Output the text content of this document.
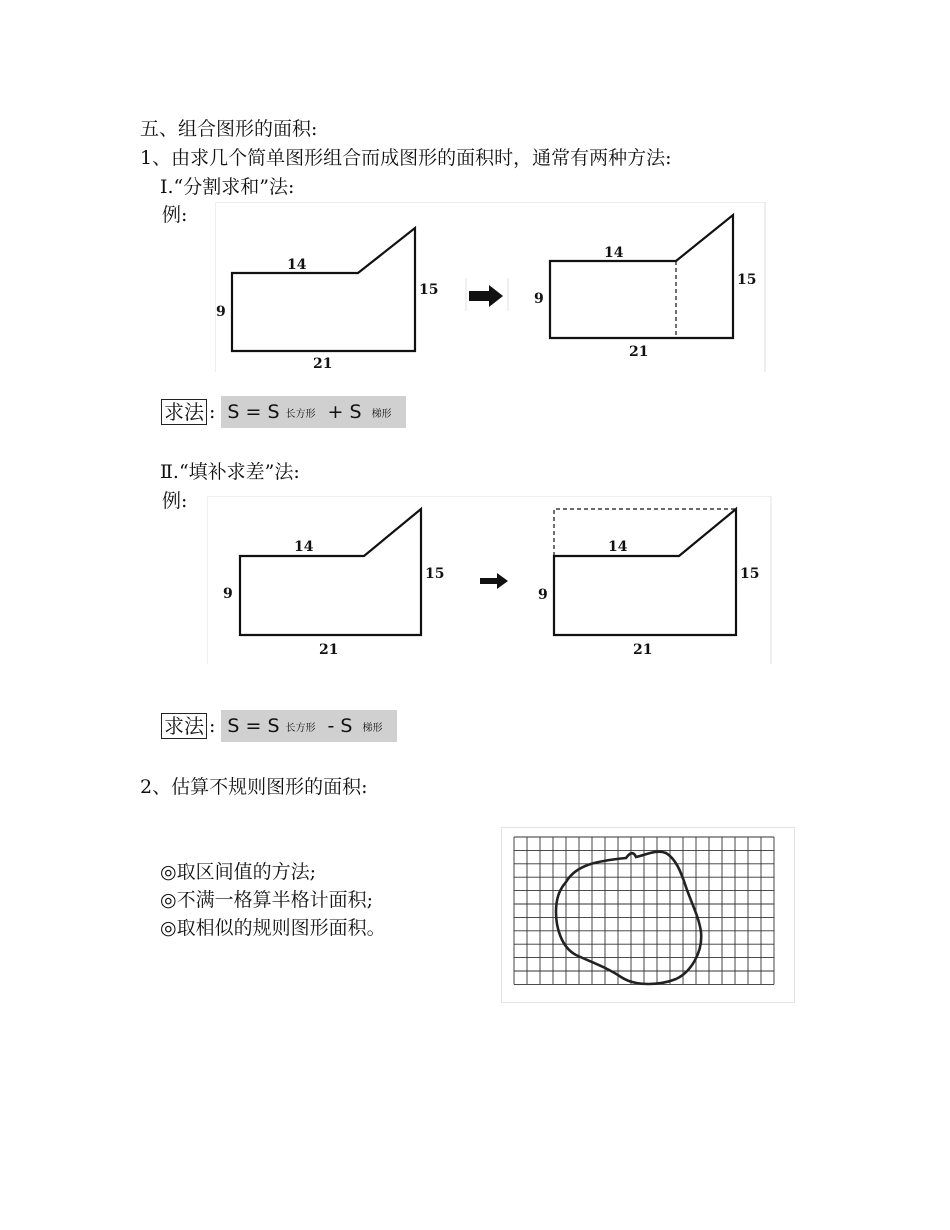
五、组合图形的面积:
1、由求几个简单图形组合而成图形的面积时，通常有两种方法:
Ⅰ.“分割求和”法:
例:
14
9
15
21
14
9
15
21
求法 : S = S 长方形 + S 梯形
Ⅱ.“填补求差”法:
例:
14
9
15
21
14
9
15
21
求法 : S = S 长方形 - S 梯形
2、估算不规则图形的面积:
◎取区间值的方法;
◎不满一格算半格计面积;
◎取相似的规则图形面积。
